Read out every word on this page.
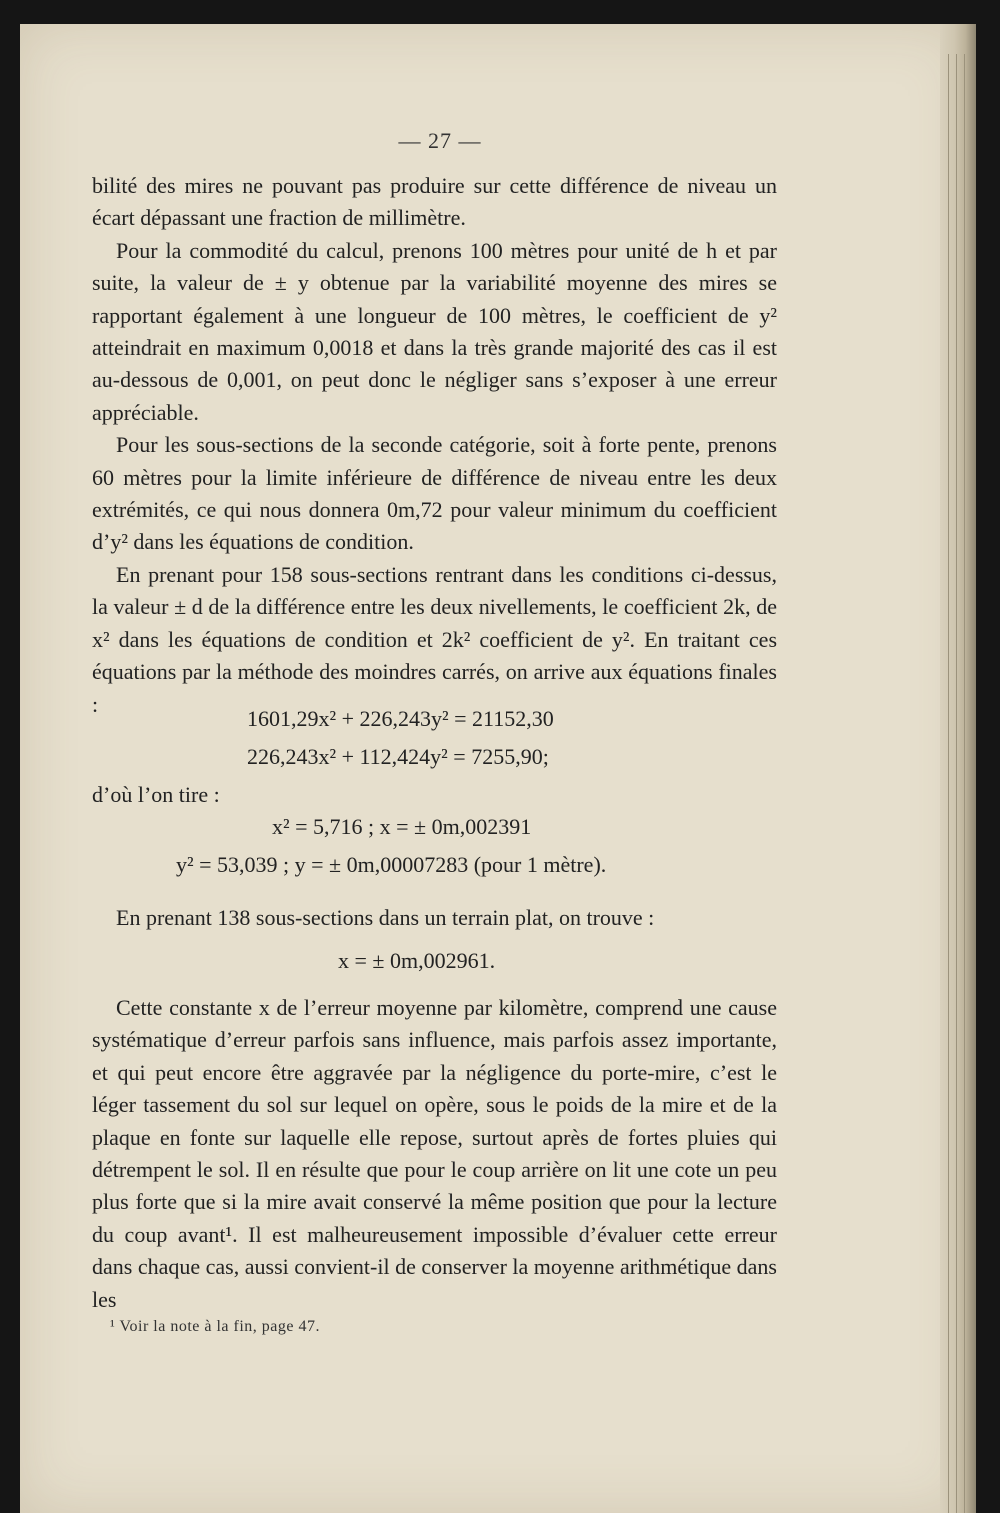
— 27 —

bilité des mires ne pouvant pas produire sur cette différence de niveau un écart dépassant une fraction de millimètre.

Pour la commodité du calcul, prenons 100 mètres pour unité de h et par suite, la valeur de ± y obtenue par la variabilité moyenne des mires se rapportant également à une longueur de 100 mètres, le coefficient de y² atteindrait en maximum 0,0018 et dans la très grande majorité des cas il est au-dessous de 0,001, on peut donc le négliger sans s’exposer à une erreur appréciable.

Pour les sous-sections de la seconde catégorie, soit à forte pente, prenons 60 mètres pour la limite inférieure de différence de niveau entre les deux extrémités, ce qui nous donnera 0m,72 pour valeur minimum du coefficient d’y² dans les équations de condition.

En prenant pour 158 sous-sections rentrant dans les conditions ci-dessus, la valeur ± d de la différence entre les deux nivellements, le coefficient 2k, de x² dans les équations de condition et 2k² coefficient de y². En traitant ces équations par la méthode des moindres carrés, on arrive aux équations finales :

1601,29x² + 226,243y² = 21152,30
226,243x² + 112,424y² = 7255,90;
d’où l’on tire :
x² = 5,716 ; x = ± 0m,002391
y² = 53,039 ; y = ± 0m,00007283 (pour 1 mètre).

En prenant 138 sous-sections dans un terrain plat, on trouve :

x = ± 0m,002961.

Cette constante x de l’erreur moyenne par kilomètre, comprend une cause systématique d’erreur parfois sans influence, mais parfois assez importante, et qui peut encore être aggravée par la négligence du porte-mire, c’est le léger tassement du sol sur lequel on opère, sous le poids de la mire et de la plaque en fonte sur laquelle elle repose, surtout après de fortes pluies qui détrempent le sol. Il en résulte que pour le coup arrière on lit une cote un peu plus forte que si la mire avait conservé la même position que pour la lecture du coup avant¹. Il est malheureusement impossible d’évaluer cette erreur dans chaque cas, aussi convient-il de conserver la moyenne arithmétique dans les

¹ Voir la note à la fin, page 47.
